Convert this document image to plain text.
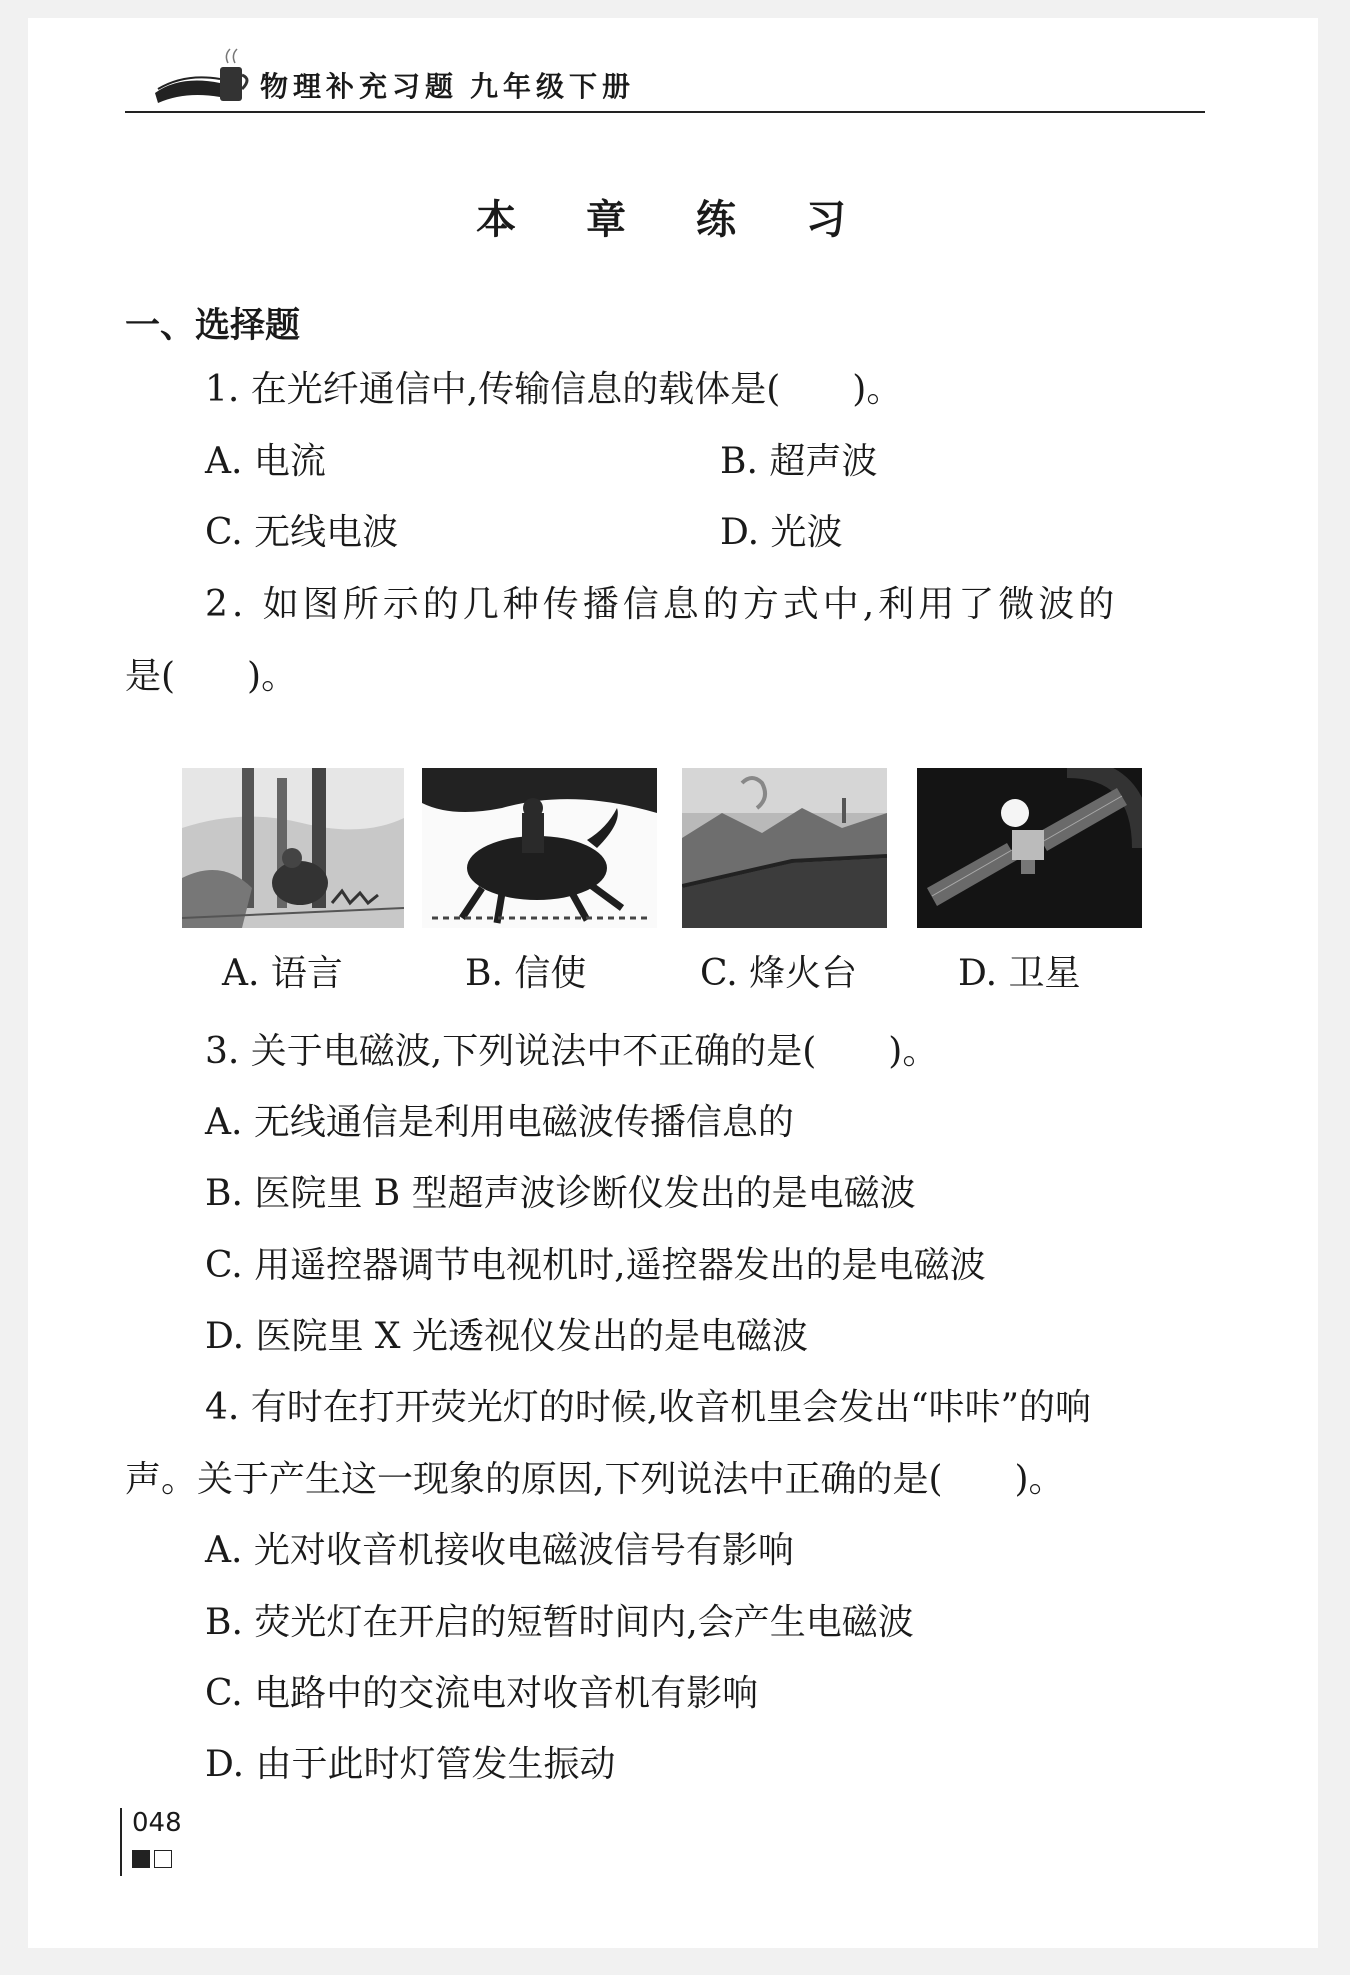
物理补充习题 九年级下册
本 章 练 习
一、选择题
1. 在光纤通信中,传输信息的载体是(　　)。
A. 电流	B. 超声波
C. 无线电波	D. 光波
2. 如图所示的几种传播信息的方式中,利用了微波的
是(　　)。
A. 语言	B. 信使	C. 烽火台	D. 卫星
3. 关于电磁波,下列说法中不正确的是(　　)。
A. 无线通信是利用电磁波传播信息的
B. 医院里 B 型超声波诊断仪发出的是电磁波
C. 用遥控器调节电视机时,遥控器发出的是电磁波
D. 医院里 X 光透视仪发出的是电磁波
4. 有时在打开荧光灯的时候,收音机里会发出“咔咔”的响
声。关于产生这一现象的原因,下列说法中正确的是(　　)。
A. 光对收音机接收电磁波信号有影响
B. 荧光灯在开启的短暂时间内,会产生电磁波
C. 电路中的交流电对收音机有影响
D. 由于此时灯管发生振动
048
